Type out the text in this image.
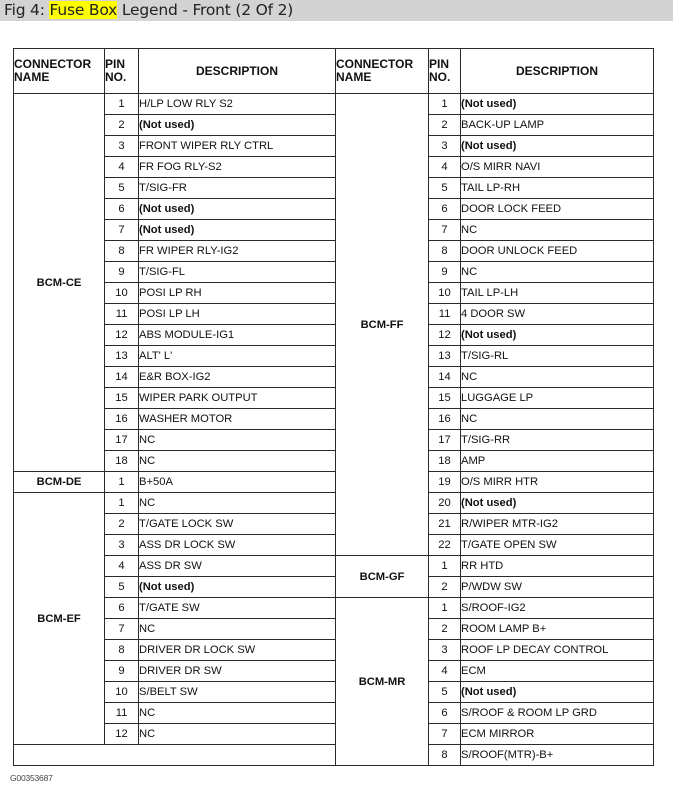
Fig 4: Fuse Box Legend - Front (2 Of 2)
CONNECTOR NAME	PIN NO.	DESCRIPTION	CONNECTOR NAME	PIN NO.	DESCRIPTION
BCM-CE	1	H/LP LOW RLY S2	BCM-FF	1	(Not used)
	2	(Not used)		2	BACK-UP LAMP
	3	FRONT WIPER RLY CTRL		3	(Not used)
	4	FR FOG RLY-S2		4	O/S MIRR NAVI
	5	T/SIG-FR		5	TAIL LP-RH
	6	(Not used)		6	DOOR LOCK FEED
	7	(Not used)		7	NC
	8	FR WIPER RLY-IG2		8	DOOR UNLOCK FEED
	9	T/SIG-FL		9	NC
	10	POSI LP RH		10	TAIL LP-LH
	11	POSI LP LH		11	4 DOOR SW
	12	ABS MODULE-IG1		12	(Not used)
	13	ALT' L'		13	T/SIG-RL
	14	E&R BOX-IG2		14	NC
	15	WIPER PARK OUTPUT		15	LUGGAGE LP
	16	WASHER MOTOR		16	NC
	17	NC		17	T/SIG-RR
	18	NC		18	AMP
BCM-DE	1	B+50A		19	O/S MIRR HTR
BCM-EF	1	NC		20	(Not used)
	2	T/GATE LOCK SW		21	R/WIPER MTR-IG2
	3	ASS DR LOCK SW		22	T/GATE OPEN SW
	4	ASS DR SW	BCM-GF	1	RR HTD
	5	(Not used)		2	P/WDW SW
	6	T/GATE SW	BCM-MR	1	S/ROOF-IG2
	7	NC		2	ROOM LAMP B+
	8	DRIVER DR LOCK SW		3	ROOF LP DECAY CONTROL
	9	DRIVER DR SW		4	ECM
	10	S/BELT SW		5	(Not used)
	11	NC		6	S/ROOF & ROOM LP GRD
	12	NC		7	ECM MIRROR
				8	S/ROOF(MTR)-B+
G00353687
